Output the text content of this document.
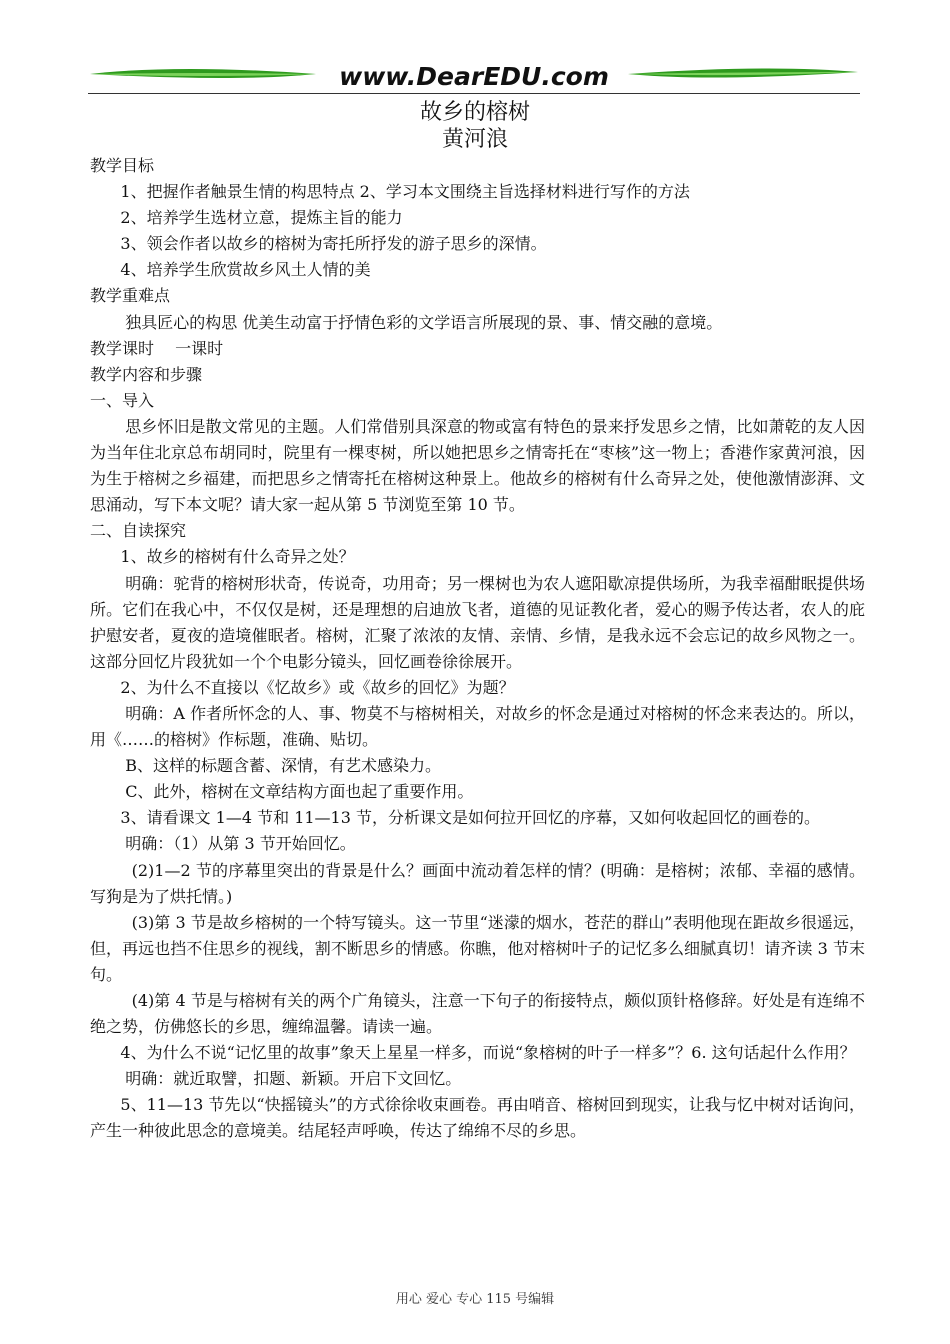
www.DearEDU.com
故乡的榕树
黄河浪

教学目标

1、把握作者触景生情的构思特点 2、学习本文围绕主旨选择材料进行写作的方法

2、培养学生选材立意，提炼主旨的能力

3、领会作者以故乡的榕树为寄托所抒发的游子思乡的深情。

4、培养学生欣赏故乡风土人情的美

教学重难点

独具匠心的构思 优美生动富于抒情色彩的文学语言所展现的景、事、情交融的意境。

教学课时　 一课时

教学内容和步骤

一、导入

思乡怀旧是散文常见的主题。人们常借别具深意的物或富有特色的景来抒发思乡之情，比如萧乾的友人因为当年住北京总布胡同时，院里有一棵枣树，所以她把思乡之情寄托在“枣核”这一物上；香港作家黄河浪，因为生于榕树之乡福建，而把思乡之情寄托在榕树这种景上。他故乡的榕树有什么奇异之处，使他激情澎湃、文思涌动，写下本文呢？请大家一起从第 5 节浏览至第 10 节。

二、自读探究

1、故乡的榕树有什么奇异之处？

明确：驼背的榕树形状奇，传说奇，功用奇；另一棵树也为农人遮阳歇凉提供场所，为我幸福酣眠提供场所。它们在我心中，不仅仅是树，还是理想的启迪放飞者，道德的见证教化者，爱心的赐予传达者，农人的庇护慰安者，夏夜的造境催眠者。榕树，汇聚了浓浓的友情、亲情、乡情，是我永远不会忘记的故乡风物之一。这部分回忆片段犹如一个个电影分镜头，回忆画卷徐徐展开。

2、为什么不直接以《忆故乡》或《故乡的回忆》为题？

明确：A 作者所怀念的人、事、物莫不与榕树相关，对故乡的怀念是通过对榕树的怀念来表达的。所以，用《……的榕树》作标题，准确、贴切。

B、这样的标题含蓄、深情，有艺术感染力。

C、此外，榕树在文章结构方面也起了重要作用。

3、请看课文 1—4 节和 11—13 节，分析课文是如何拉开回忆的序幕，又如何收起回忆的画卷的。

明确：（1）从第 3 节开始回忆。

(2)1—2 节的序幕里突出的背景是什么？画面中流动着怎样的情？(明确：是榕树；浓郁、幸福的感情。写狗是为了烘托情。)

(3)第 3 节是故乡榕树的一个特写镜头。这一节里“迷濛的烟水，苍茫的群山”表明他现在距故乡很遥远，但，再远也挡不住思乡的视线，割不断思乡的情感。你瞧，他对榕树叶子的记忆多么细腻真切！请齐读 3 节末句。

(4)第 4 节是与榕树有关的两个广角镜头，注意一下句子的衔接特点，颇似顶针格修辞。好处是有连绵不绝之势，仿佛悠长的乡思，缠绵温馨。请读一遍。

4、为什么不说“记忆里的故事”象天上星星一样多，而说“象榕树的叶子一样多”？6. 这句话起什么作用？

明确：就近取譬，扣题、新颖。开启下文回忆。

5、11—13 节先以“快摇镜头”的方式徐徐收束画卷。再由哨音、榕树回到现实，让我与忆中树对话询问，产生一种彼此思念的意境美。结尾轻声呼唤，传达了绵绵不尽的乡思。

用心 爱心 专心 115 号编辑
